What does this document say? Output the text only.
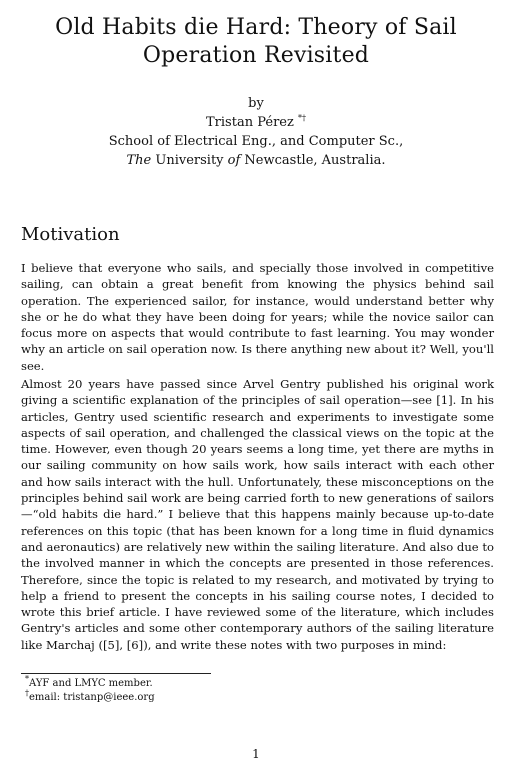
Old Habits die Hard: Theory of Sail
Operation Revisited
by
Tristan Pérez *†
School of Electrical Eng., and Computer Sc.,
The University of Newcastle, Australia.
Motivation

I believe that everyone who sails, and specially those involved in competitive sailing, can obtain a great benefit from knowing the physics behind sail operation. The experienced sailor, for instance, would understand better why she or he do what they have been doing for years; while the novice sailor can focus more on aspects that would contribute to fast learning. You may wonder why an article on sail operation now. Is there anything new about it? Well, you'll see.

Almost 20 years have passed since Arvel Gentry published his original work giving a scientific explanation of the principles of sail operation—see [1]. In his articles, Gentry used scientific research and experiments to investigate some aspects of sail operation, and challenged the classical views on the topic at the time. However, even though 20 years seems a long time, yet there are myths in our sailing community on how sails work, how sails interact with each other and how sails interact with the hull. Unfortunately, these misconceptions on the principles behind sail work are being carried forth to new generations of sailors—“old habits die hard.” I believe that this happens mainly because up-to-date references on this topic (that has been known for a long time in fluid dynamics and aeronautics) are relatively new within the sailing literature. And also due to the involved manner in which the concepts are presented in those references. Therefore, since the topic is related to my research, and motivated by trying to help a friend to present the concepts in his sailing course notes, I decided to wrote this brief article. I have reviewed some of the literature, which includes Gentry's articles and some other contemporary authors of the sailing literature like Marchaj ([5], [6]), and write these notes with two purposes in mind:

*AYF and LMYC member.
†email: tristanp@ieee.org
1
